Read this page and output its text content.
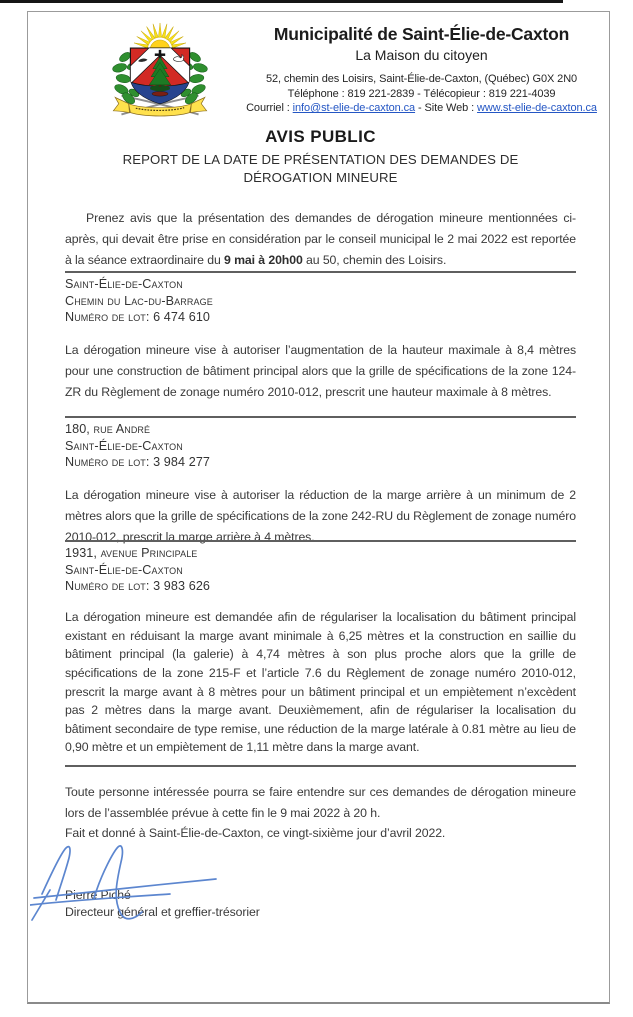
Municipalité de Saint-Élie-de-Caxton
La Maison du citoyen
52, chemin des Loisirs, Saint-Élie-de-Caxton, (Québec) G0X 2N0
Téléphone : 819 221-2839 - Télécopieur : 819 221-4039
Courriel : info@st-elie-de-caxton.ca - Site Web : www.st-elie-de-caxton.ca
AVIS PUBLIC
REPORT DE LA DATE DE PRÉSENTATION DES DEMANDES DE
DÉROGATION MINEURE

Prenez avis que la présentation des demandes de dérogation mineure mentionnées ci-après, qui devait être prise en considération par le conseil municipal le 2 mai 2022 est reportée à la séance extraordinaire du 9 mai à 20h00 au 50, chemin des Loisirs.

Saint-Élie-de-Caxton
Chemin du Lac-du-Barrage
Numéro de lot: 6 474 610

La dérogation mineure vise à autoriser l’augmentation de la hauteur maximale à 8,4 mètres pour une construction de bâtiment principal alors que la grille de spécifications de la zone 124-ZR du Règlement de zonage numéro 2010-012, prescrit une hauteur maximale à 8 mètres.

180, rue André
Saint-Élie-de-Caxton
Numéro de lot: 3 984 277

La dérogation mineure vise à autoriser la réduction de la marge arrière à un minimum de 2 mètres alors que la grille de spécifications de la zone 242-RU du Règlement de zonage numéro 2010-012, prescrit la marge arrière à 4 mètres.

1931, avenue Principale
Saint-Élie-de-Caxton
Numéro de lot: 3 983 626

La dérogation mineure est demandée afin de régulariser la localisation du bâtiment principal existant en réduisant la marge avant minimale à 6,25 mètres et la construction en saillie du bâtiment principal (la galerie) à 4,74 mètres à son plus proche alors que la grille de spécifications de la zone 215-F et l’article 7.6 du Règlement de zonage numéro 2010-012, prescrit la marge avant à 8 mètres pour un bâtiment principal et un empiètement n’excèdent pas 2 mètres dans la marge avant. Deuxièmement, afin de régulariser la localisation du bâtiment secondaire de type remise, une réduction de la marge latérale à 0.81 mètre au lieu de 0,90 mètre et un empiètement de 1,11 mètre dans la marge avant.

Toute personne intéressée pourra se faire entendre sur ces demandes de dérogation mineure lors de l’assemblée prévue à cette fin le 9 mai 2022 à 20 h.

Fait et donné à Saint-Élie-de-Caxton, ce vingt-sixième jour d’avril 2022.
Pierre Piché
Directeur général et greffier-trésorier
